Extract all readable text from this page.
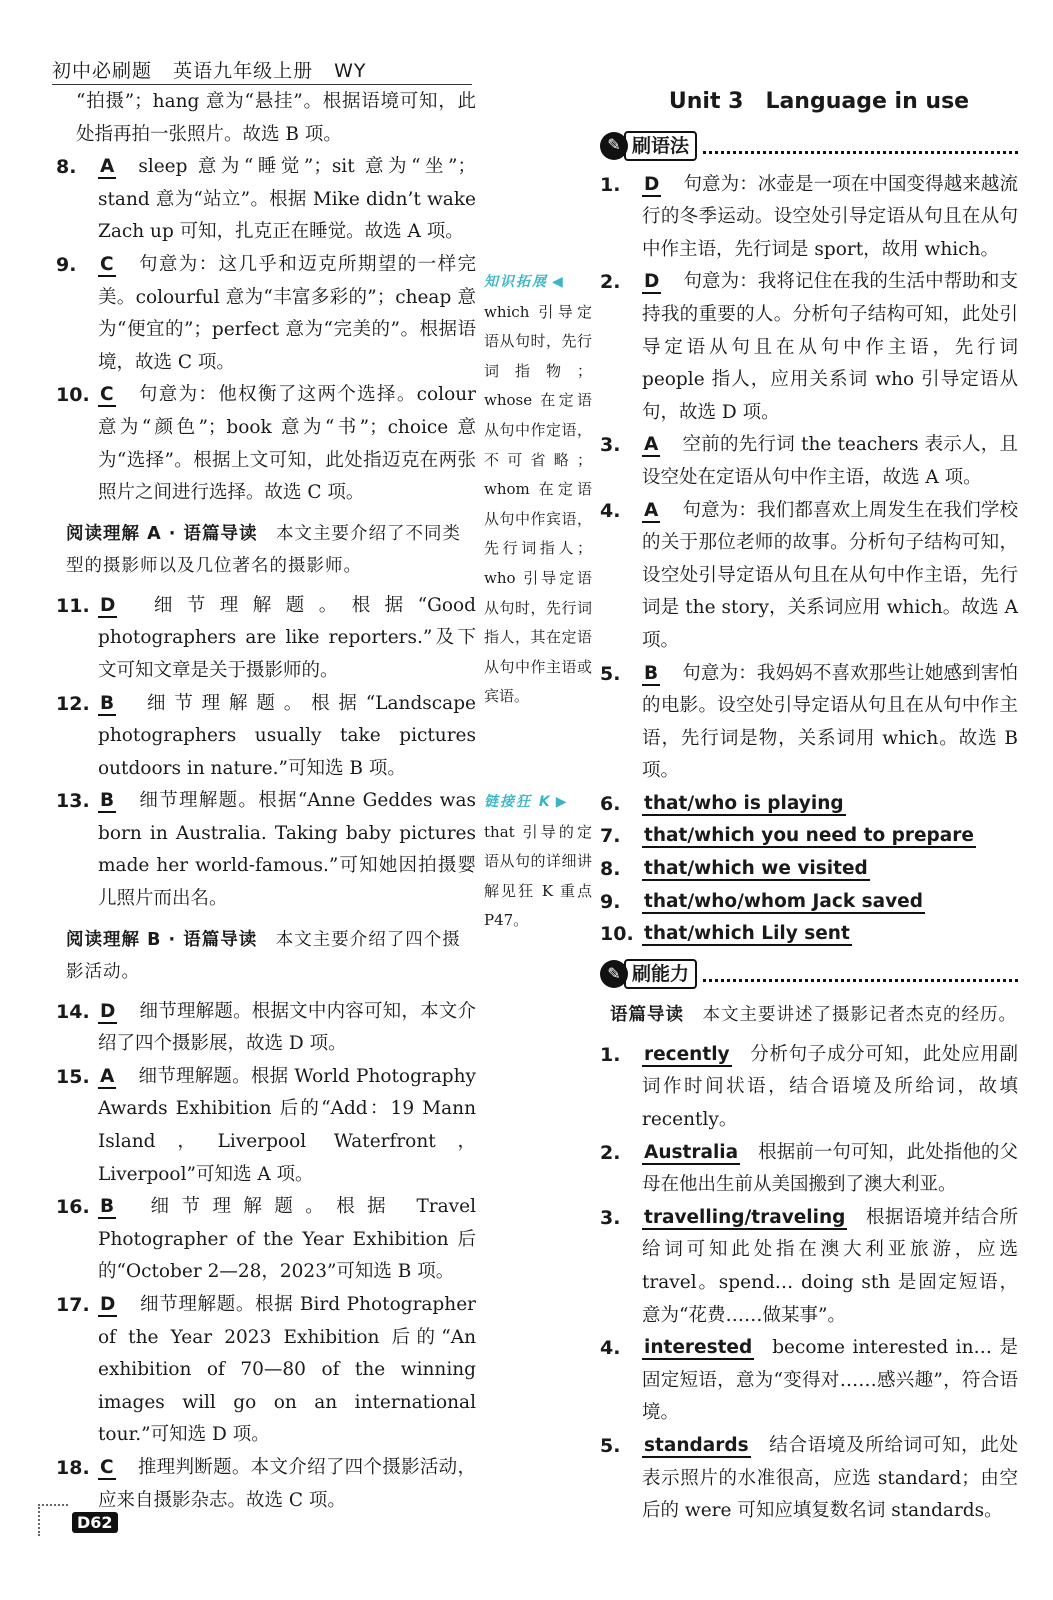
初中必刷题 英语九年级上册 WY
“拍摄”；hang 意为“悬挂”。根据语境可知，此处指再拍一张照片。故选 B 项。
8. A sleep 意为“睡觉”；sit 意为“坐”；stand 意为“站立”。根据 Mike didn’t wake Zach up 可知，扎克正在睡觉。故选 A 项。
9. C 句意为：这几乎和迈克所期望的一样完美。colourful 意为“丰富多彩的”；cheap 意为“便宜的”；perfect 意为“完美的”。根据语境，故选 C 项。
10. C 句意为：他权衡了这两个选择。colour 意为“颜色”；book 意为“书”；choice 意为“选择”。根据上文可知，此处指迈克在两张照片之间进行选择。故选 C 项。
阅读理解 A · 语篇导读　 本文主要介绍了不同类型的摄影师以及几位著名的摄影师。
11. D 细节理解题。根据“Good photographers are like reporters.”及下文可知文章是关于摄影师的。
12. B 细节理解题。根据“Landscape photographers usually take pictures outdoors in nature.”可知选 B 项。
13. B 细节理解题。根据“Anne Geddes was born in Australia. Taking baby pictures made her world-famous.”可知她因拍摄婴儿照片而出名。
阅读理解 B · 语篇导读　 本文主要介绍了四个摄影活动。
14. D 细节理解题。根据文中内容可知，本文介绍了四个摄影展，故选 D 项。
15. A 细节理解题。根据 World Photography Awards Exhibition 后的“Add：19 Mann Island，Liverpool Waterfront，Liverpool”可知选 A 项。
16. B 细节理解题。根据 Travel Photographer of the Year Exhibition 后的“October 2—28，2023”可知选 B 项。
17. D 细节理解题。根据 Bird Photographer of the Year 2023 Exhibition 后的“An exhibition of 70—80 of the winning images will go on an international tour.”可知选 D 项。
18. C 推理判断题。本文介绍了四个摄影活动，应来自摄影杂志。故选 C 项。
知识拓展 ◀
which 引导定语从句时，先行词指物；whose 在定语从句中作定语，不可省略；whom 在定语从句中作宾语，先行词指人；who 引导定语从句时，先行词指人，其在定语从句中作主语或宾语。
链接狂 K ▶
that 引导的定语从句的详细讲解见狂 K 重点 P47。
Unit 3　Language in use
✎ 刷语法
1. D 句意为：冰壶是一项在中国变得越来越流行的冬季运动。设空处引导定语从句且在从句中作主语，先行词是 sport，故用 which。
2. D 句意为：我将记住在我的生活中帮助和支持我的重要的人。分析句子结构可知，此处引导定语从句且在从句中作主语，先行词 people 指人，应用关系词 who 引导定语从句，故选 D 项。
3. A 空前的先行词 the teachers 表示人，且设空处在定语从句中作主语，故选 A 项。
4. A 句意为：我们都喜欢上周发生在我们学校的关于那位老师的故事。分析句子结构可知，设空处引导定语从句且在从句中作主语，先行词是 the story，关系词应用 which。故选 A 项。
5. B 句意为：我妈妈不喜欢那些让她感到害怕的电影。设空处引导定语从句且在从句中作主语，先行词是物，关系词用 which。故选 B 项。
6. that/who is playing
7. that/which you need to prepare
8. that/which we visited
9. that/who/whom Jack saved
10. that/which Lily sent
✎ 刷能力
语篇导读　 本文主要讲述了摄影记者杰克的经历。
1. recently 分析句子成分可知，此处应用副词作时间状语，结合语境及所给词，故填 recently。
2. Australia 根据前一句可知，此处指他的父母在他出生前从美国搬到了澳大利亚。
3. travelling/traveling 根据语境并结合所给词可知此处指在澳大利亚旅游，应选 travel。spend… doing sth 是固定短语，意为“花费……做某事”。
4. interested become interested in… 是固定短语，意为“变得对……感兴趣”，符合语境。
5. standards 结合语境及所给词可知，此处表示照片的水准很高，应选 standard；由空后的 were 可知应填复数名词 standards。
D62
